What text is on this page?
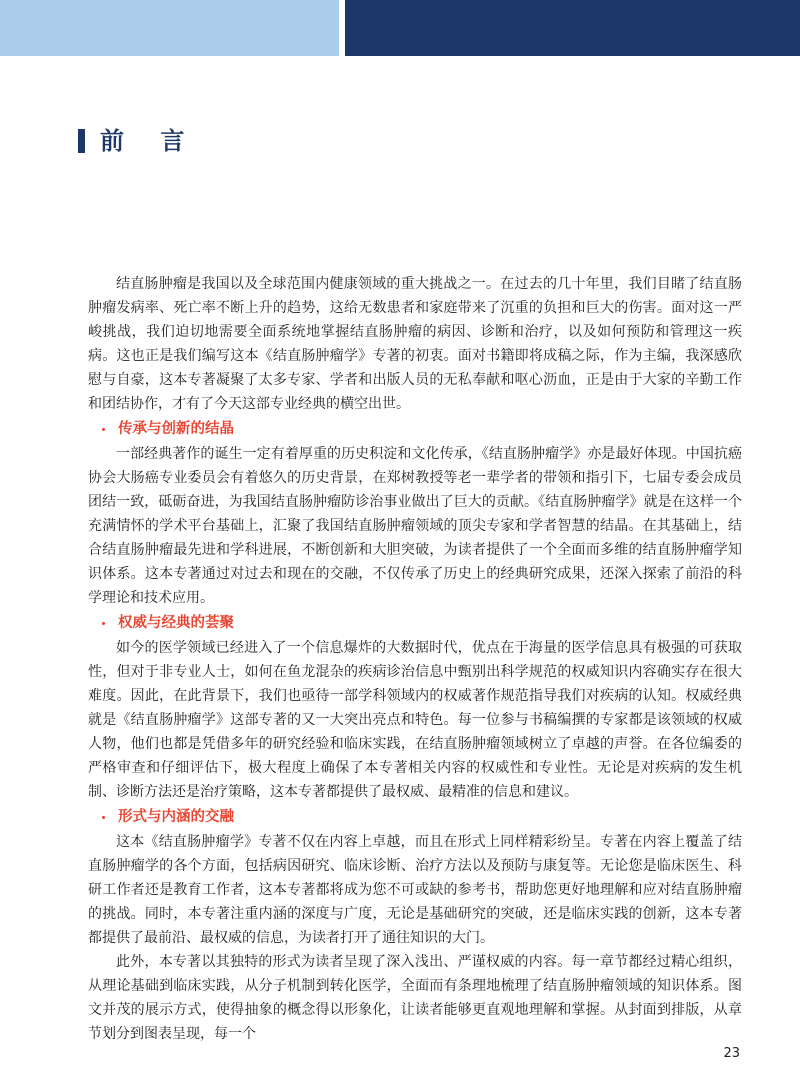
前 言

结直肠肿瘤是我国以及全球范围内健康领域的重大挑战之一。在过去的几十年里，我们目睹了结直肠肿瘤发病率、死亡率不断上升的趋势，这给无数患者和家庭带来了沉重的负担和巨大的伤害。面对这一严峻挑战，我们迫切地需要全面系统地掌握结直肠肿瘤的病因、诊断和治疗，以及如何预防和管理这一疾病。这也正是我们编写这本《结直肠肿瘤学》专著的初衷。面对书籍即将成稿之际，作为主编，我深感欣慰与自豪，这本专著凝聚了太多专家、学者和出版人员的无私奉献和呕心沥血，正是由于大家的辛勤工作和团结协作，才有了今天这部专业经典的横空出世。

传承与创新的结晶

一部经典著作的诞生一定有着厚重的历史积淀和文化传承，《结直肠肿瘤学》亦是最好体现。中国抗癌协会大肠癌专业委员会有着悠久的历史背景，在郑树教授等老一辈学者的带领和指引下，七届专委会成员团结一致，砥砺奋进，为我国结直肠肿瘤防诊治事业做出了巨大的贡献。《结直肠肿瘤学》就是在这样一个充满情怀的学术平台基础上，汇聚了我国结直肠肿瘤领域的顶尖专家和学者智慧的结晶。在其基础上，结合结直肠肿瘤最先进和学科进展，不断创新和大胆突破，为读者提供了一个全面而多维的结直肠肿瘤学知识体系。这本专著通过对过去和现在的交融，不仅传承了历史上的经典研究成果，还深入探索了前沿的科学理论和技术应用。

权威与经典的荟聚

如今的医学领域已经进入了一个信息爆炸的大数据时代，优点在于海量的医学信息具有极强的可获取性，但对于非专业人士，如何在鱼龙混杂的疾病诊治信息中甄别出科学规范的权威知识内容确实存在很大难度。因此，在此背景下，我们也亟待一部学科领域内的权威著作规范指导我们对疾病的认知。权威经典就是《结直肠肿瘤学》这部专著的又一大突出亮点和特色。每一位参与书稿编撰的专家都是该领域的权威人物，他们也都是凭借多年的研究经验和临床实践，在结直肠肿瘤领域树立了卓越的声誉。在各位编委的严格审查和仔细评估下，极大程度上确保了本专著相关内容的权威性和专业性。无论是对疾病的发生机制、诊断方法还是治疗策略，这本专著都提供了最权威、最精准的信息和建议。

形式与内涵的交融

这本《结直肠肿瘤学》专著不仅在内容上卓越，而且在形式上同样精彩纷呈。专著在内容上覆盖了结直肠肿瘤学的各个方面，包括病因研究、临床诊断、治疗方法以及预防与康复等。无论您是临床医生、科研工作者还是教育工作者，这本专著都将成为您不可或缺的参考书，帮助您更好地理解和应对结直肠肿瘤的挑战。同时，本专著注重内涵的深度与广度，无论是基础研究的突破，还是临床实践的创新，这本专著都提供了最前沿、最权威的信息，为读者打开了通往知识的大门。

此外，本专著以其独特的形式为读者呈现了深入浅出、严谨权威的内容。每一章节都经过精心组织，从理论基础到临床实践，从分子机制到转化医学，全面而有条理地梳理了结直肠肿瘤领域的知识体系。图文并茂的展示方式，使得抽象的概念得以形象化，让读者能够更直观地理解和掌握。从封面到排版，从章节划分到图表呈现，每一个

23
